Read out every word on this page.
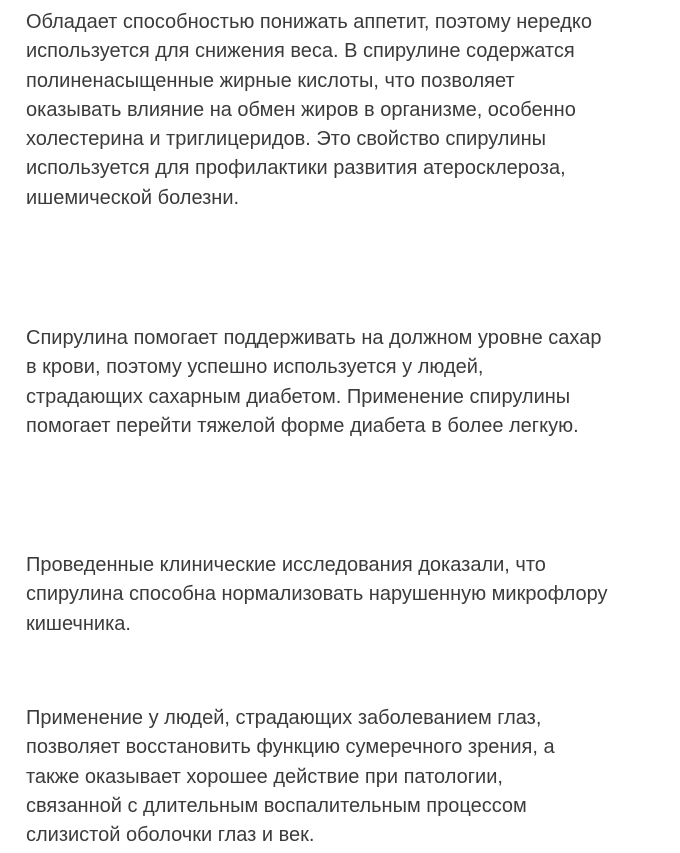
Обладает способностью понижать аппетит, поэтому нередко
используется для снижения веса. В спирулине содержатся
полиненасыщенные жирные кислоты, что позволяет
оказывать влияние на обмен жиров в организме, особенно
холестерина и триглицеридов. Это свойство спирулины
используется для профилактики развития атеросклероза,
ишемической болезни.

Спирулина помогает поддерживать на должном уровне сахар
в крови, поэтому успешно используется у людей,
страдающих сахарным диабетом. Применение спирулины
помогает перейти тяжелой форме диабета в более легкую.

Проведенные клинические исследования доказали, что
спирулина способна нормализовать нарушенную микрофлору
кишечника.

Применение у людей, страдающих заболеванием глаз,
позволяет восстановить функцию сумеречного зрения, а
также оказывает хорошее действие при патологии,
связанной с длительным воспалительным процессом
слизистой оболочки глаз и век.
